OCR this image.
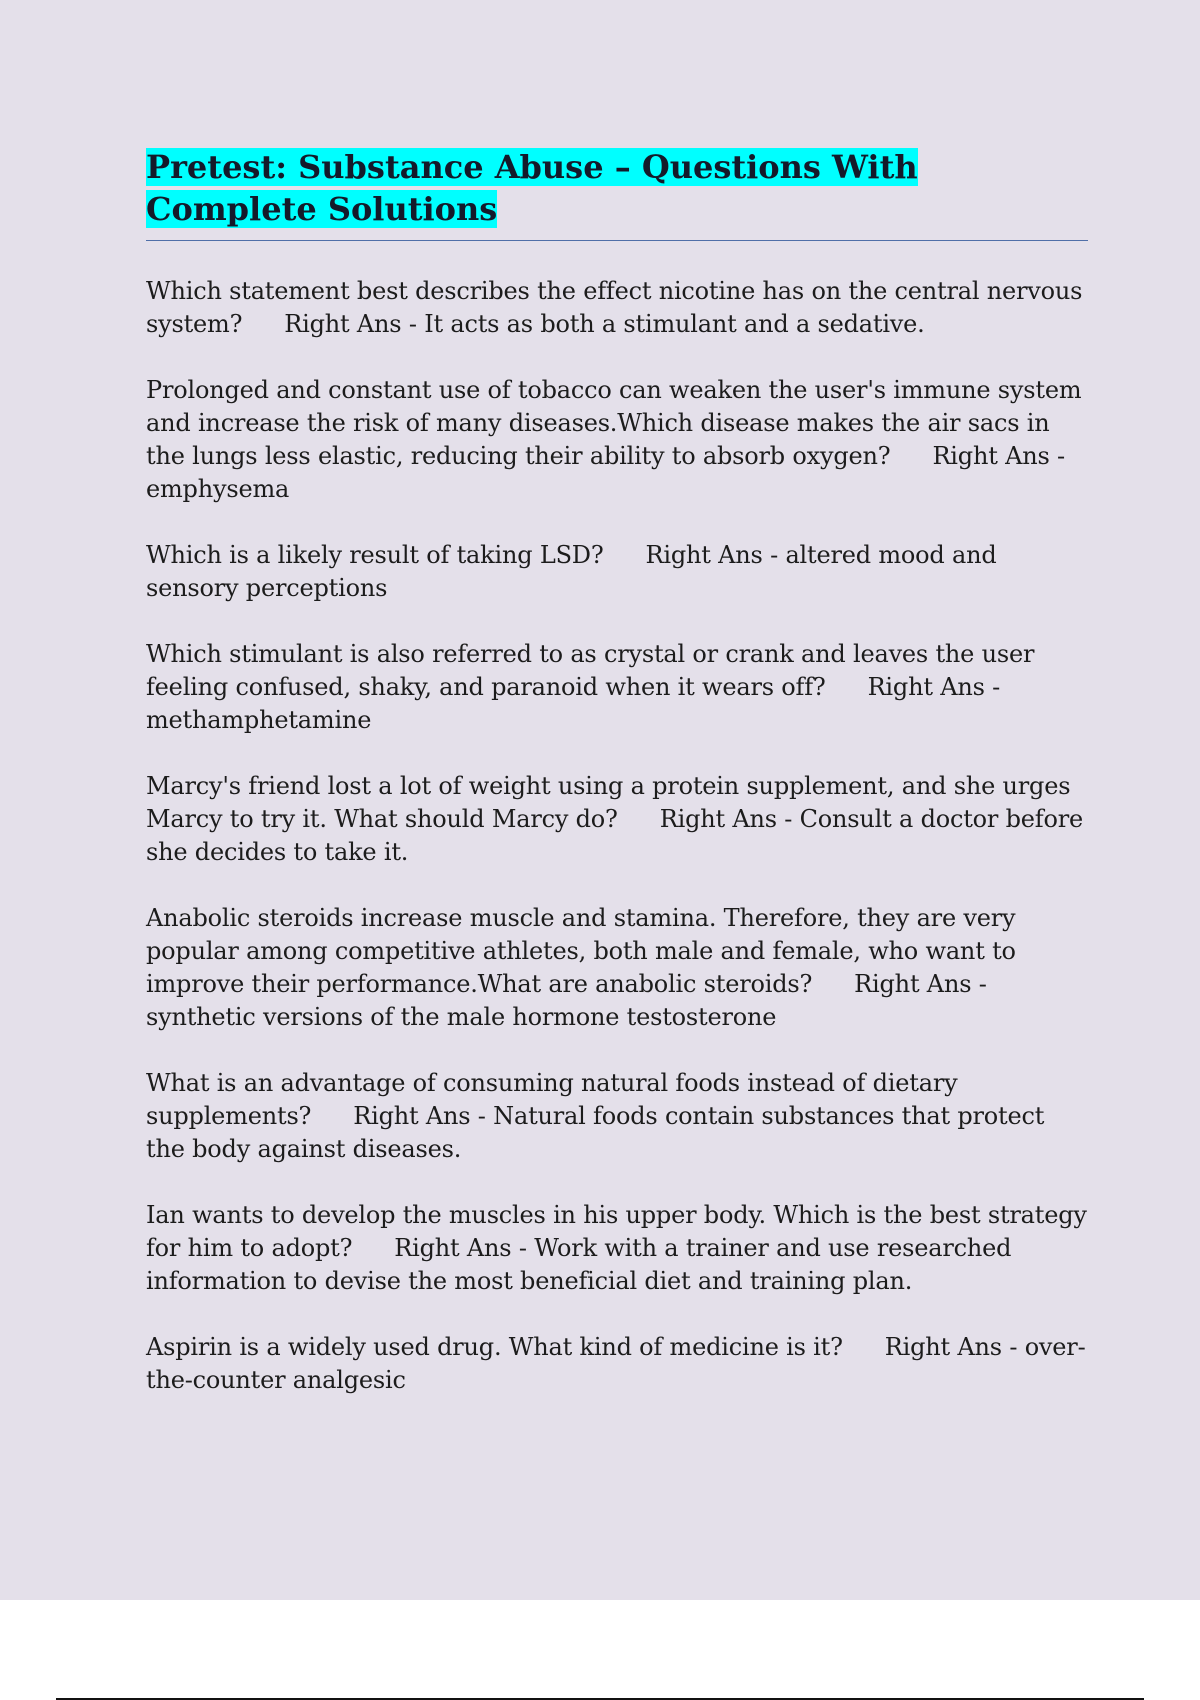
Pretest: Substance Abuse – Questions With Complete Solutions

Which statement best describes the effect nicotine has on the central nervous system? Right Ans - It acts as both a stimulant and a sedative.

Prolonged and constant use of tobacco can weaken the user's immune system and increase the risk of many diseases.Which disease makes the air sacs in the lungs less elastic, reducing their ability to absorb oxygen? Right Ans - emphysema

Which is a likely result of taking LSD? Right Ans - altered mood and sensory perceptions

Which stimulant is also referred to as crystal or crank and leaves the user feeling confused, shaky, and paranoid when it wears off? Right Ans - methamphetamine

Marcy's friend lost a lot of weight using a protein supplement, and she urges Marcy to try it. What should Marcy do? Right Ans - Consult a doctor before she decides to take it.

Anabolic steroids increase muscle and stamina. Therefore, they are very popular among competitive athletes, both male and female, who want to improve their performance.What are anabolic steroids? Right Ans - synthetic versions of the male hormone testosterone

What is an advantage of consuming natural foods instead of dietary supplements? Right Ans - Natural foods contain substances that protect the body against diseases.

Ian wants to develop the muscles in his upper body. Which is the best strategy for him to adopt? Right Ans - Work with a trainer and use researched information to devise the most beneficial diet and training plan.

Aspirin is a widely used drug. What kind of medicine is it? Right Ans - over-the-counter analgesic
